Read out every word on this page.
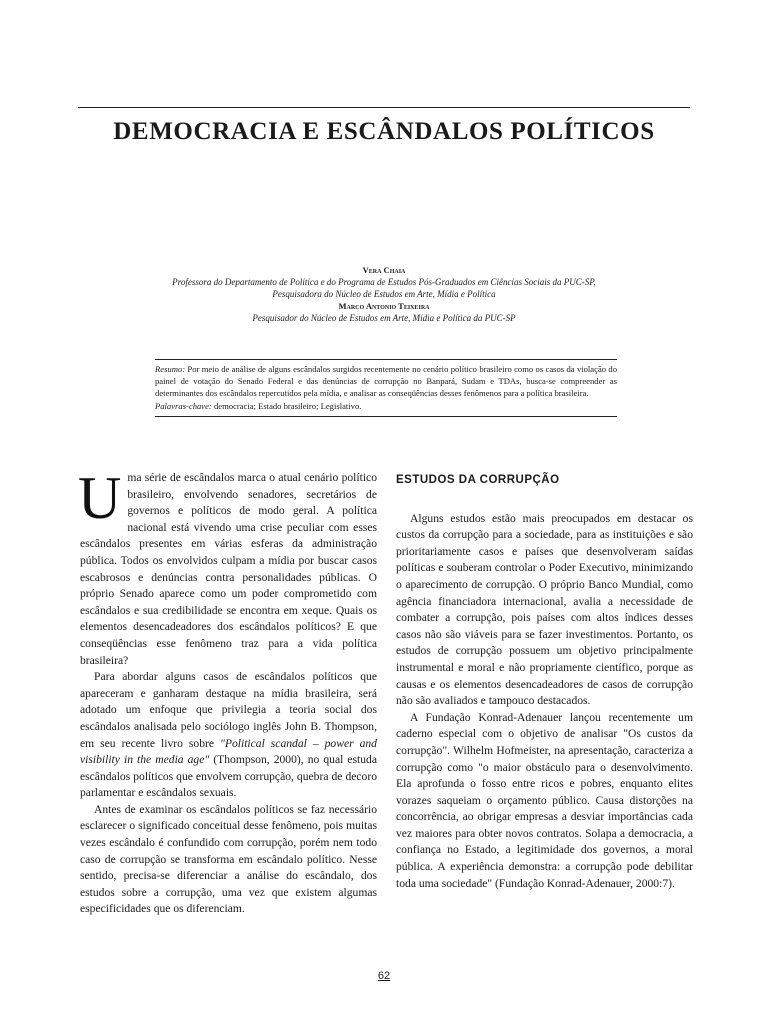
DEMOCRACIA E ESCÂNDALOS POLÍTICOS
Vera Chaia
Professora do Departamento de Política e do Programa de Estudos Pós-Graduados em Ciências Sociais da PUC-SP,
Pesquisadora do Núcleo de Estudos em Arte, Mídia e Política
Marco Antonio Teixeira
Pesquisador do Núcleo de Estudos em Arte, Mídia e Política da PUC-SP
Resumo: Por meio de análise de alguns escândalos surgidos recentemente no cenário político brasileiro como os casos da violação do painel de votação do Senado Federal e das denúncias de corrupção no Banpará, Sudam e TDAs, busca-se compreender as determinantes dos escândalos repercutidos pela mídia, e analisar as conseqüências desses fenômenos para a política brasileira.
Palavras-chave: democracia; Estado brasileiro; Legislativo.

Uma série de escândalos marca o atual cenário político brasileiro, envolvendo senadores, secretários de governos e políticos de modo geral. A política nacional está vivendo uma crise peculiar com esses escândalos presentes em várias esferas da administração pública. Todos os envolvidos culpam a mídia por buscar casos escabrosos e denúncias contra personalidades públicas. O próprio Senado aparece como um poder comprometido com escândalos e sua credibilidade se encontra em xeque. Quais os elementos desencadeadores dos escândalos políticos? E que conseqüências esse fenômeno traz para a vida política brasileira?

Para abordar alguns casos de escândalos políticos que apareceram e ganharam destaque na mídia brasileira, será adotado um enfoque que privilegia a teoria social dos escândalos analisada pelo sociólogo inglês John B. Thompson, em seu recente livro sobre "Political scandal – power and visibility in the media age" (Thompson, 2000), no qual estuda escândalos políticos que envolvem corrupção, quebra de decoro parlamentar e escândalos sexuais.

Antes de examinar os escândalos políticos se faz necessário esclarecer o significado conceitual desse fenômeno, pois muitas vezes escândalo é confundido com corrupção, porém nem todo caso de corrupção se transforma em escândalo político. Nesse sentido, precisa-se diferenciar a análise do escândalo, dos estudos sobre a corrupção, uma vez que existem algumas especificidades que os diferenciam.

ESTUDOS DA CORRUPÇÃO

Alguns estudos estão mais preocupados em destacar os custos da corrupção para a sociedade, para as instituições e são prioritariamente casos e países que desenvolveram saídas políticas e souberam controlar o Poder Executivo, minimizando o aparecimento de corrupção. O próprio Banco Mundial, como agência financiadora internacional, avalia a necessidade de combater a corrupção, pois países com altos índices desses casos não são viáveis para se fazer investimentos. Portanto, os estudos de corrupção possuem um objetivo principalmente instrumental e moral e não propriamente científico, porque as causas e os elementos desencadeadores de casos de corrupção não são avaliados e tampouco destacados.

A Fundação Konrad-Adenauer lançou recentemente um caderno especial com o objetivo de analisar "Os custos da corrupção". Wilhelm Hofmeister, na apresentação, caracteriza a corrupção como "o maior obstáculo para o desenvolvimento. Ela aprofunda o fosso entre ricos e pobres, enquanto elites vorazes saqueiam o orçamento público. Causa distorções na concorrência, ao obrigar empresas a desviar importâncias cada vez maiores para obter novos contratos. Solapa a democracia, a confiança no Estado, a legitimidade dos governos, a moral pública. A experiência demonstra: a corrupção pode debilitar toda uma sociedade" (Fundação Konrad-Adenauer, 2000:7).

62
